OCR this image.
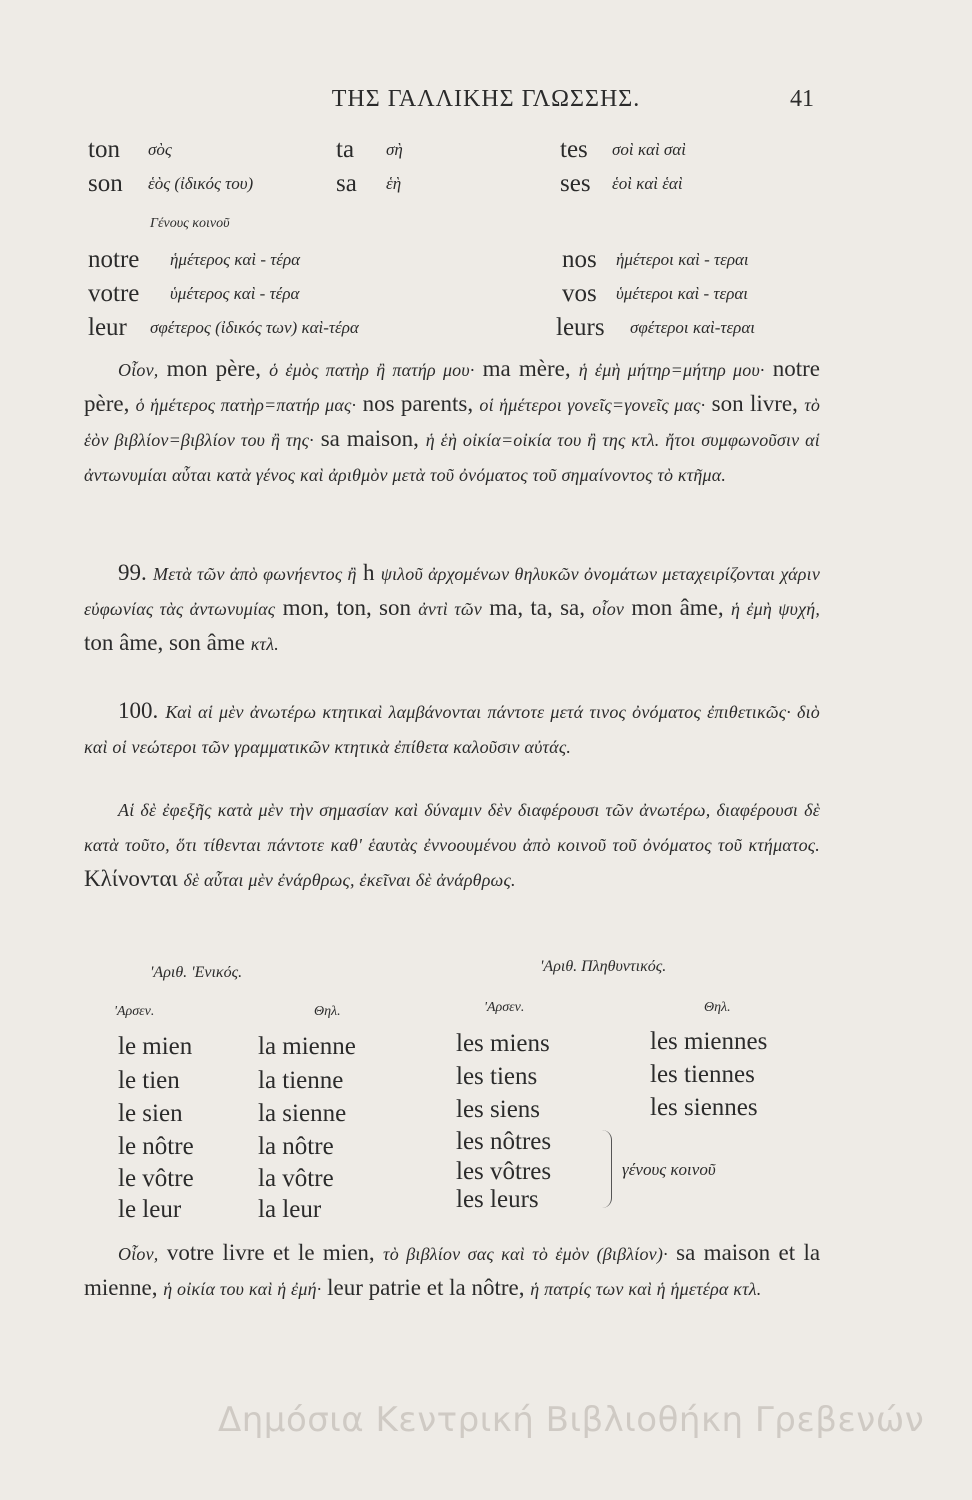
ΤΗΣ ΓΑΛΛΙΚΗΣ ΓΛΩΣΣΗΣ.	41
ton σὸς	ta σὴ	tes σοὶ καὶ σαὶ
son ἑὸς (ἰδικός του)	sa ἑὴ	ses ἑοὶ καὶ ἑαὶ
Γένους κοινοῦ
notre ἡμέτερος καὶ - τέρα	nos ἡμέτεροι καὶ - τεραι
votre ὑμέτερος καὶ - τέρα	vos ὑμέτεροι καὶ - τεραι
leur σφέτερος (ἰδικός των) καὶ-τέρα	leurs σφέτεροι καὶ-τεραι
Οἷον, mon père, ὁ ἐμὸς πατὴρ ἢ πατήρ μου· ma mère, ἡ ἐμὴ μήτηρ=μήτηρ μου· notre père, ὁ ἡμέτερος πατὴρ=πατήρ μας· nos parents, οἱ ἡμέτεροι γονεῖς=γονεῖς μας· son livre, τὸ ἑὸν βιβλίον=βιβλίον του ἢ της· sa maison, ἡ ἑὴ οἰκία=οἰκία του ἢ της κτλ. ἤτοι συμφωνοῦσιν αἱ ἀντωνυμίαι αὗται κατὰ γένος καὶ ἀριθμὸν μετὰ τοῦ ὀνόματος τοῦ σημαίνοντος τὸ κτῆμα.
99. Μετὰ τῶν ἀπὸ φωνήεντος ἢ h ψιλοῦ ἀρχομένων θηλυκῶν ὀνομάτων μεταχειρίζονται χάριν εὐφωνίας τὰς ἀντωνυμίας mon, ton, son ἀντὶ τῶν ma, ta, sa, οἷον mon âme, ἡ ἐμὴ ψυχή, ton âme, son âme κτλ.
100. Καὶ αἱ μὲν ἀνωτέρω κτητικαὶ λαμβάνονται πάντοτε μετά τινος ὀνόματος ἐπιθετικῶς· διὸ καὶ οἱ νεώτεροι τῶν γραμματικῶν κτητικὰ ἐπίθετα καλοῦσιν αὐτάς.
Αἱ δὲ ἐφεξῆς κατὰ μὲν τὴν σημασίαν καὶ δύναμιν δὲν διαφέρουσι τῶν ἀνωτέρω, διαφέρουσι δὲ κατὰ τοῦτο, ὅτι τίθενται πάντοτε καθ' ἑαυτὰς ἐννοουμένου ἀπὸ κοινοῦ τοῦ ὀνόματος τοῦ κτήματος. Κλίνονται δὲ αὗται μὲν ἐνάρθρως, ἐκεῖναι δὲ ἀνάρθρως.
'Αριθ. 'Ενικός.	'Αριθ. Πληθυντικός.
'Αρσεν.	Θηλ.	'Αρσεν.	Θηλ.
le mien	la mienne	les miens	les miennes
le tien	la tienne	les tiens	les tiennes
le sien	la sienne	les siens	les siennes
le nôtre	la nôtre	les nôtres
le vôtre	la vôtre	les vôtres
le leur	la leur	les leurs
γένους κοινοῦ
Οἷον, votre livre et le mien, τὸ βιβλίον σας καὶ τὸ ἐμὸν (βιβλίον)· sa maison et la mienne, ἡ οἰκία του καὶ ἡ ἐμή· leur patrie et la nôtre, ἡ πατρίς των καὶ ἡ ἡμετέρα κτλ.
Δημόσια Κεντρική Βιβλιοθήκη Γρεβενών
